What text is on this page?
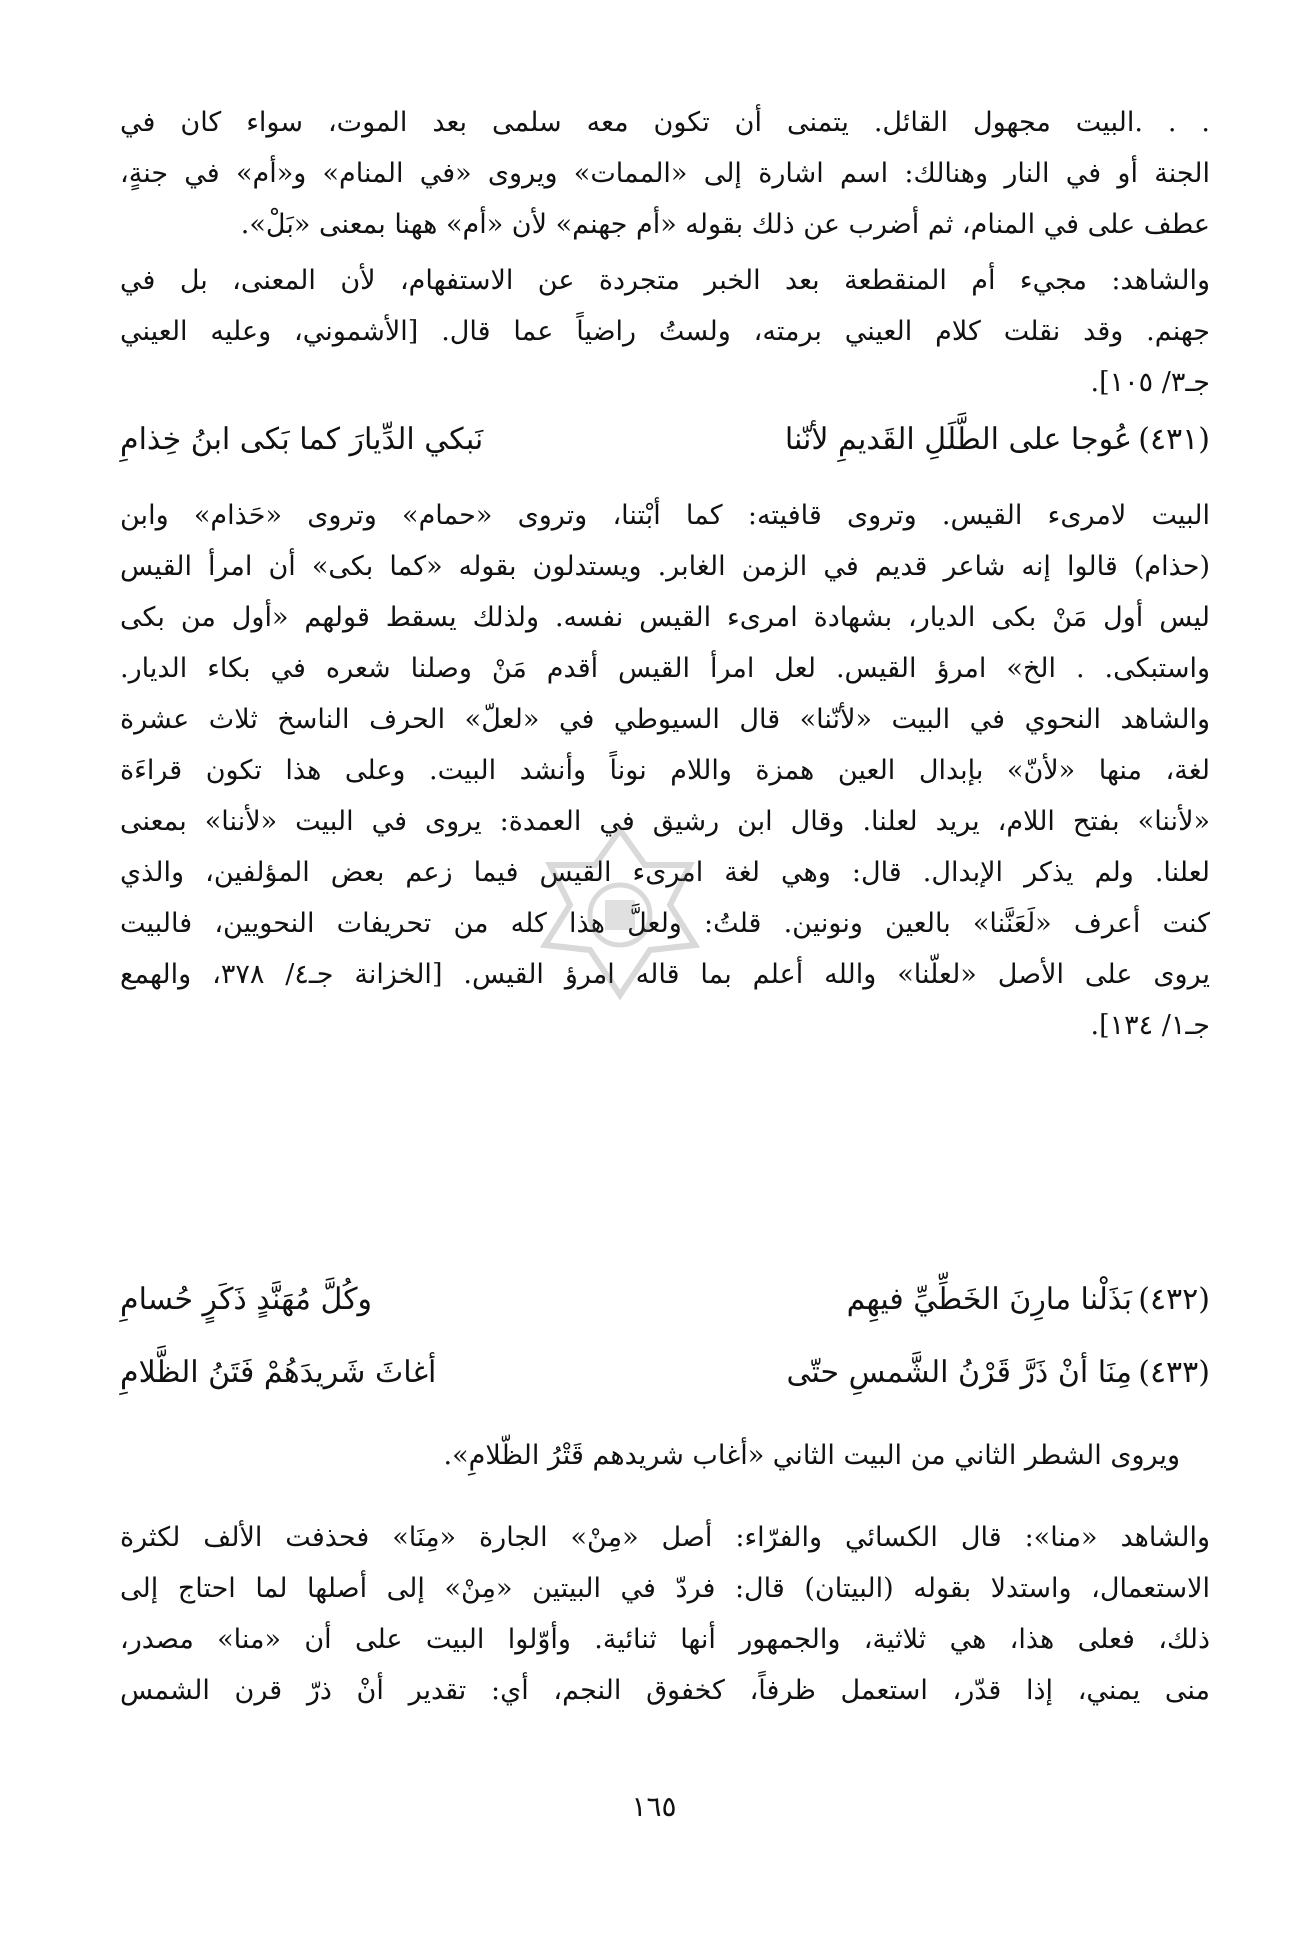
. . .البيت مجهول القائل. يتمنى أن تكون معه سلمى بعد الموت، سواء كان في
الجنة أو في النار وهنالك: اسم اشارة إلى «الممات» ويروى «في المنام» و«أم» في جنةٍ،
عطف على في المنام، ثم أضرب عن ذلك بقوله «أم جهنم» لأن «أم» ههنا بمعنى «بَلْ».
والشاهد: مجيء أم المنقطعة بعد الخبر متجردة عن الاستفهام، لأن المعنى، بل في
جهنم. وقد نقلت كلام العيني برمته، ولستُ راضياً عما قال. [الأشموني، وعليه العيني
جـ٣/ ١٠٥].
(٤٣١)
عُوجا على الطَّلَلِ القَديمِ لأنّنا
نَبكي الدِّيارَ كما بَكى ابنُ خِذامِ
البيت لامرىء القيس. وتروى قافيته: كما أبْتنا، وتروى «حمام» وتروى «حَذام» وابن
(حذام) قالوا إنه شاعر قديم في الزمن الغابر. ويستدلون بقوله «كما بكى» أن امرأ القيس
ليس أول مَنْ بكى الديار، بشهادة امرىء القيس نفسه. ولذلك يسقط قولهم «أول من بكى
واستبكى. . الخ» امرؤ القيس. لعل امرأ القيس أقدم مَنْ وصلنا شعره في بكاء الديار.
والشاهد النحوي في البيت «لأنّنا» قال السيوطي في «لعلّ» الحرف الناسخ ثلاث عشرة
لغة، منها «لأنّ» بإبدال العين همزة واللام نوناً وأنشد البيت. وعلى هذا تكون قراءَة
«لأننا» بفتح اللام، يريد لعلنا. وقال ابن رشيق في العمدة: يروى في البيت «لأننا» بمعنى
لعلنا. ولم يذكر الإبدال. قال: وهي لغة امرىء القيس فيما زعم بعض المؤلفين، والذي
كنت أعرف «لَعَنَّنا» بالعين ونونين. قلتُ: ولعلَّ هذا كله من تحريفات النحويين، فالبيت
يروى على الأصل «لعلّنا» والله أعلم بما قاله امرؤ القيس. [الخزانة جـ٤/ ٣٧٨، والهمع
جـ١/ ١٣٤].
(٤٣٢)
بَذَلْنا مارِنَ الخَطِّيِّ فيهِم
وكُلَّ مُهَنَّدٍ ذَكَرٍ حُسامِ
(٤٣٣)
مِنَا أنْ ذَرَّ قَرْنُ الشَّمسِ حتّى
أغاثَ شَريدَهُمْ فَتَنُ الظَّلامِ
ويروى الشطر الثاني من البيت الثاني «أغاب شريدهم قَتْرُ الظّلامِ».
والشاهد «منا»: قال الكسائي والفرّاء: أصل «مِنْ» الجارة «مِنَا» فحذفت الألف لكثرة
الاستعمال، واستدلا بقوله (البيتان) قال: فردّ في البيتين «مِنْ» إلى أصلها لما احتاج إلى
ذلك، فعلى هذا، هي ثلاثية، والجمهور أنها ثنائية. وأوّلوا البيت على أن «منا» مصدر،
منى يمني، إذا قدّر، استعمل ظرفاً، كخفوق النجم، أي: تقدير أنْ ذرّ قرن الشمس
١٦٥
